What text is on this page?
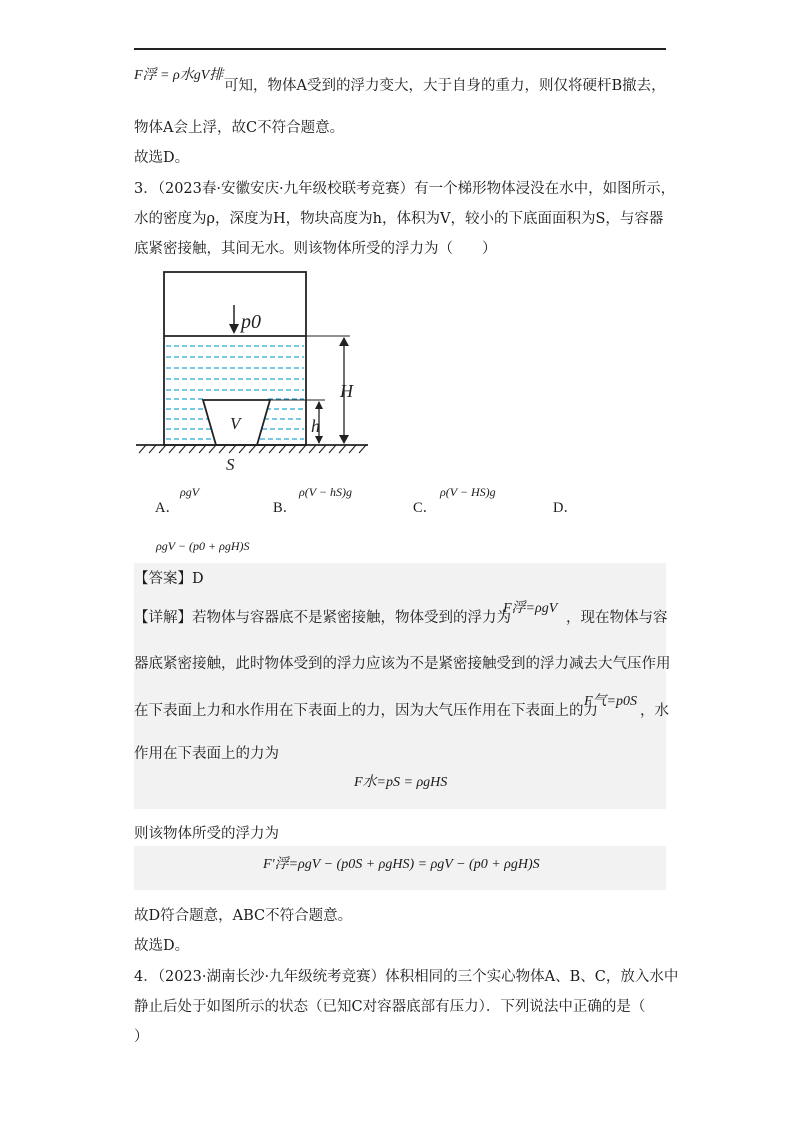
F浮 = ρ水gV排
可知，物体A受到的浮力变大，大于自身的重力，则仅将硬杆B撤去，
物体A会上浮，故C不符合题意。
故选D。
3．（2023春·安徽安庆·九年级校联考竞赛）有一个梯形物体浸没在水中，如图所示，
水的密度为ρ，深度为H，物块高度为h，体积为V，较小的下底面面积为S，与容器
底紧密接触，其间无水。则该物体所受的浮力为（　　）
p0
H
h
V
S
A．
ρgV
B．
ρ(V − hS)g
C．
ρ(V − HS)g
D．
ρgV − (p0 + ρgH)S
【答案】D
【详解】若物体与容器底不是紧密接触，物体受到的浮力为
F浮=ρgV
，现在物体与容
器底紧密接触，此时物体受到的浮力应该为不是紧密接触受到的浮力减去大气压作用
在下表面上力和水作用在下表面上的力，因为大气压作用在下表面上的力
F气=p0S
，水
作用在下表面上的力为
F水=pS = ρgHS
则该物体所受的浮力为
F′浮=ρgV − (p0S + ρgHS) = ρgV − (p0 + ρgH)S
故D符合题意，ABC不符合题意。
故选D。
4．（2023·湖南长沙·九年级统考竞赛）体积相同的三个实心物体A、B、C，放入水中
静止后处于如图所示的状态（已知C对容器底部有压力）．下列说法中正确的是（
）
